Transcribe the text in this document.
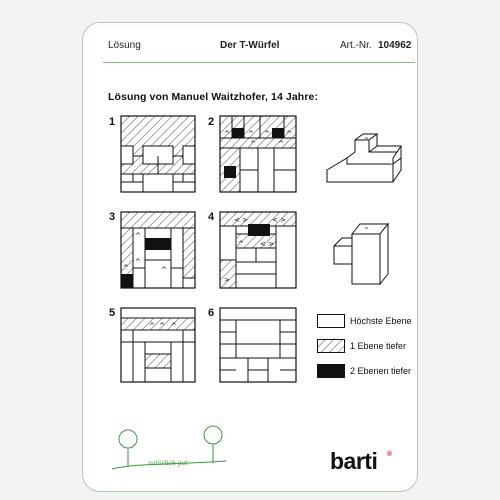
Lösung	Der T-Würfel	Art.-Nr. 104962
Lösung von Manuel Waitzhofer, 14 Jahre:
1	2
3	4
5	6
^	^ ^ ^
^	^	^
^
^
^
^
< >	< >
^ < >
>
^
^ ^ ^	Höchste Ebene
1 Ebene tiefer
2 Ebenen tiefer
natürlich gut	barti ®
